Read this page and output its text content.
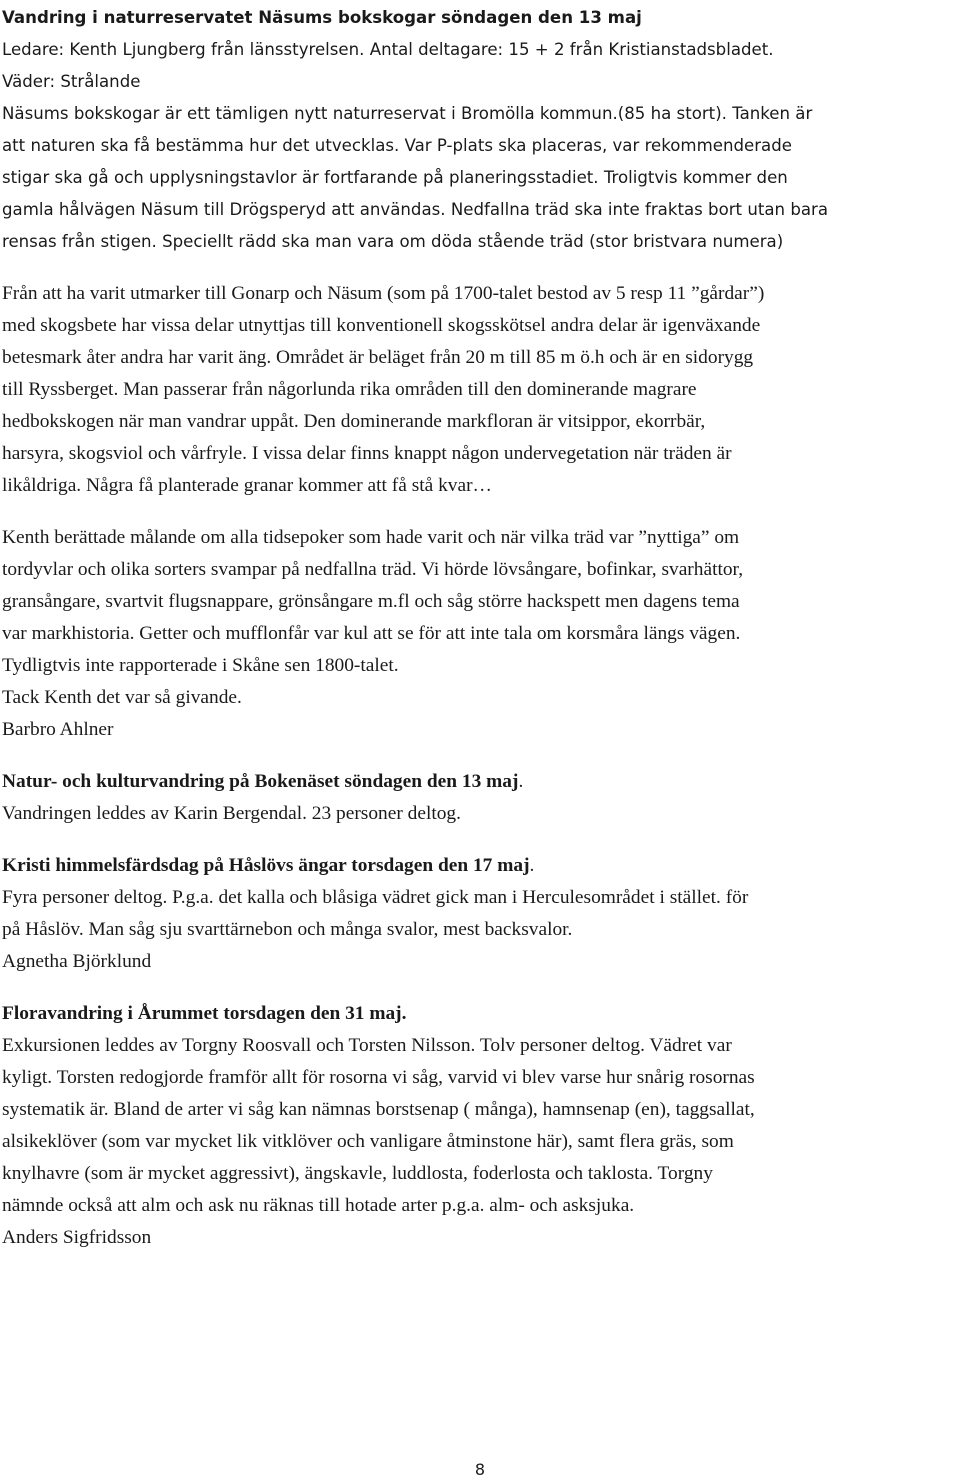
Vandring i naturreservatet Näsums bokskogar söndagen den 13 maj
Ledare: Kenth Ljungberg från länsstyrelsen. Antal deltagare: 15 + 2 från Kristianstadsbladet.
Väder: Strålande
Näsums bokskogar är ett tämligen nytt naturreservat i Bromölla kommun.(85 ha stort). Tanken är
att naturen ska få bestämma hur det utvecklas. Var P-plats ska placeras, var rekommenderade
stigar ska gå och upplysningstavlor är fortfarande på planeringsstadiet. Troligtvis kommer den
gamla hålvägen Näsum till Drögsperyd att användas. Nedfallna träd ska inte fraktas bort utan bara
rensas från stigen. Speciellt rädd ska man vara om döda stående träd (stor bristvara numera)
Från att ha varit utmarker till Gonarp och Näsum (som på 1700-talet bestod av 5 resp 11 ”gårdar”)
med skogsbete har vissa delar utnyttjas till konventionell skogsskötsel andra delar är igenväxande
betesmark åter andra har varit äng. Området är beläget från 20 m till 85 m ö.h och är en sidorygg
till Ryssberget. Man passerar från någorlunda rika områden till den dominerande magrare
hedbokskogen när man vandrar uppåt. Den dominerande markfloran är vitsippor, ekorrbär,
harsyra, skogsviol och vårfryle. I vissa delar finns knappt någon undervegetation när träden är
likåldriga. Några få planterade granar kommer att få stå kvar…
Kenth berättade målande om alla tidsepoker som hade varit och när vilka träd var ”nyttiga” om
tordyvlar och olika sorters svampar på nedfallna träd. Vi hörde lövsångare, bofinkar, svarhättor,
gransångare, svartvit flugsnappare, grönsångare m.fl och såg större hackspett men dagens tema
var markhistoria. Getter och mufflonfår var kul att se för att inte tala om korsmåra längs vägen.
Tydligtvis inte rapporterade i Skåne sen 1800-talet.
Tack Kenth det var så givande.
Barbro Ahlner
Natur- och kulturvandring på Bokenäset söndagen den 13 maj.
Vandringen leddes av Karin Bergendal. 23 personer deltog.
Kristi himmelsfärdsdag på Håslövs ängar torsdagen den 17 maj.
Fyra personer deltog. P.g.a. det kalla och blåsiga vädret gick man i Herculesområdet i stället. för
på Håslöv. Man såg sju svarttärnebon och många svalor, mest backsvalor.
Agnetha Björklund
Floravandring i Årummet torsdagen den 31 maj.
Exkursionen leddes av Torgny Roosvall och Torsten Nilsson. Tolv personer deltog. Vädret var
kyligt. Torsten redogjorde framför allt för rosorna vi såg, varvid vi blev varse hur snårig rosornas
systematik är. Bland de arter vi såg kan nämnas borstsenap ( många), hamnsenap (en), taggsallat,
alsikeklöver (som var mycket lik vitklöver och vanligare åtminstone här), samt flera gräs, som
knylhavre (som är mycket aggressivt), ängskavle, luddlosta, foderlosta och taklosta. Torgny
nämnde också att alm och ask nu räknas till hotade arter p.g.a. alm- och asksjuka.
Anders Sigfridsson
8
